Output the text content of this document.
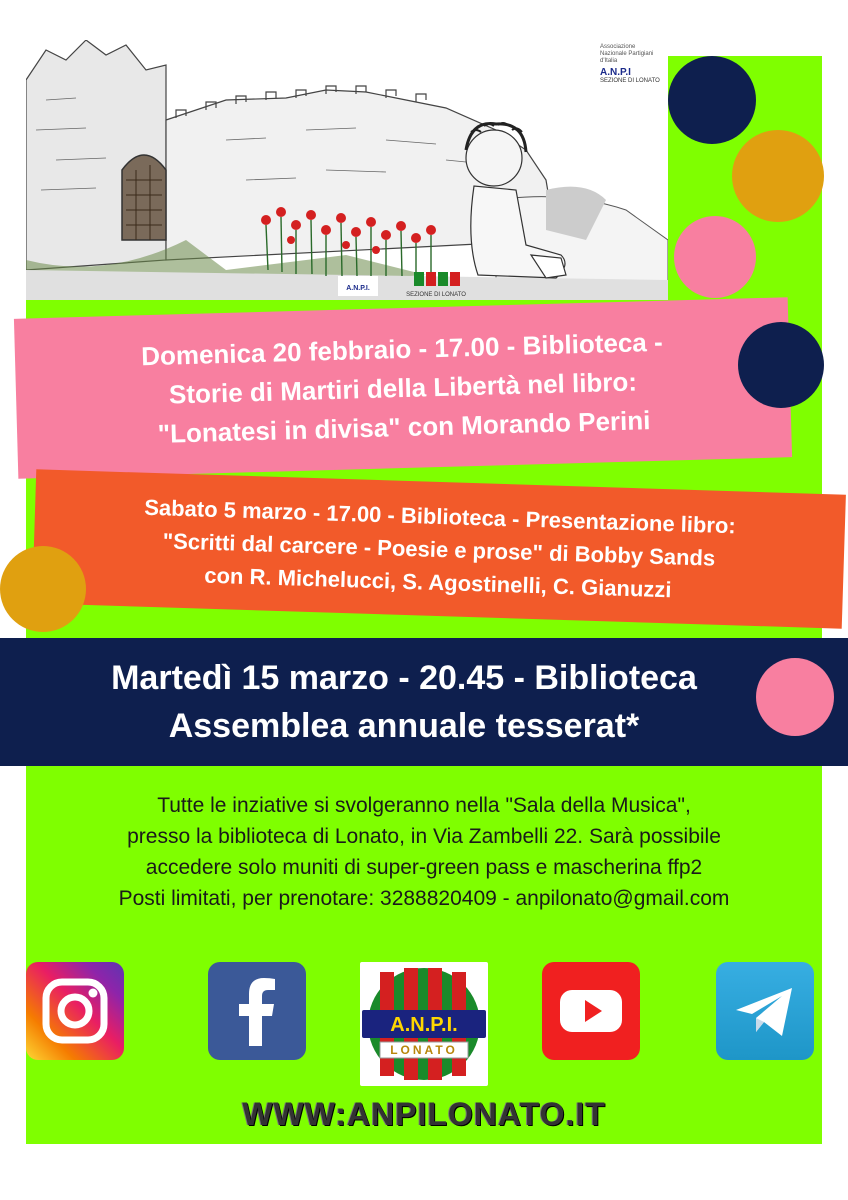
A.N.P.I.
SEZIONE DI LONATO
Associazione Nazionale Partigiani d'Italia
A.N.P.I
SEZIONE DI LONATO
Domenica 20 febbraio - 17.00 - Biblioteca -
Storie di Martiri della Libertà nel libro:
"Lonatesi in divisa" con Morando Perini
Sabato 5 marzo - 17.00 - Biblioteca - Presentazione libro:
"Scritti dal carcere - Poesie e prose" di Bobby Sands
con R. Michelucci, S. Agostinelli, C. Gianuzzi
Martedì 15 marzo - 20.45 - Biblioteca
Assemblea annuale tesserat*
Tutte le inziative si svolgeranno nella "Sala della Musica",
presso la biblioteca di Lonato, in Via Zambelli 22. Sarà possibile
accedere solo muniti di super-green pass e mascherina ffp2
Posti limitati, per prenotare: 3288820409 - anpilonato@gmail.com
A.N.P.I.
LONATO
WWW:ANPILONATO.IT
